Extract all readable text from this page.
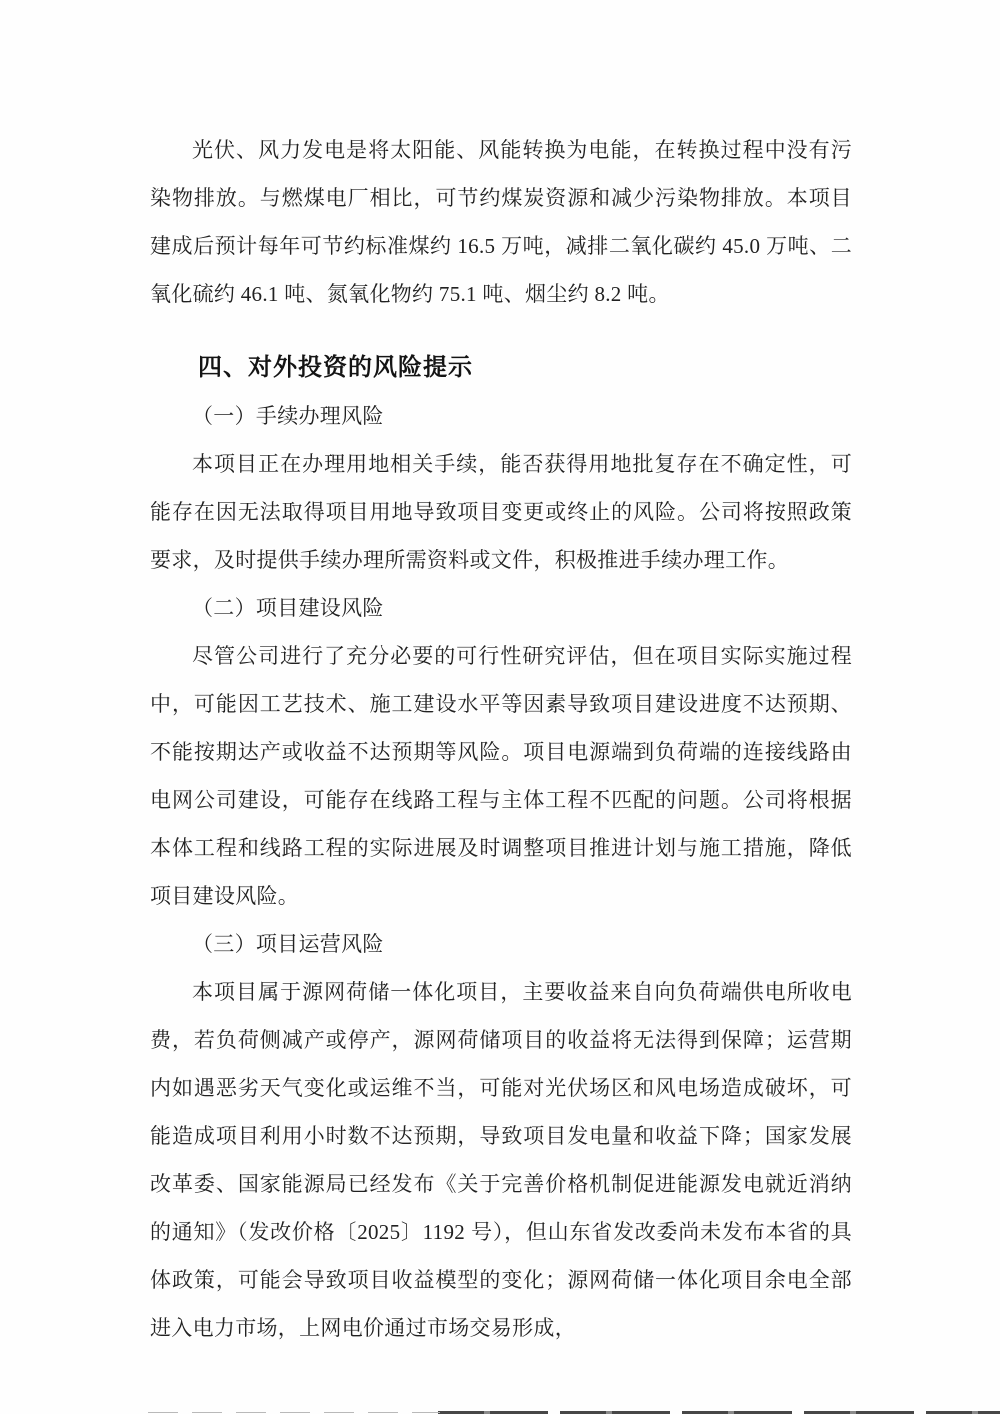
光伏、风力发电是将太阳能、风能转换为电能，在转换过程中没有污染物排放。与燃煤电厂相比，可节约煤炭资源和减少污染物排放。本项目建成后预计每年可节约标准煤约 16.5 万吨，减排二氧化碳约 45.0 万吨、二氧化硫约 46.1 吨、氮氧化物约 75.1 吨、烟尘约 8.2 吨。

四、对外投资的风险提示

（一）手续办理风险

本项目正在办理用地相关手续，能否获得用地批复存在不确定性，可能存在因无法取得项目用地导致项目变更或终止的风险。公司将按照政策要求，及时提供手续办理所需资料或文件，积极推进手续办理工作。

（二）项目建设风险

尽管公司进行了充分必要的可行性研究评估，但在项目实际实施过程中，可能因工艺技术、施工建设水平等因素导致项目建设进度不达预期、不能按期达产或收益不达预期等风险。项目电源端到负荷端的连接线路由电网公司建设，可能存在线路工程与主体工程不匹配的问题。公司将根据本体工程和线路工程的实际进展及时调整项目推进计划与施工措施，降低项目建设风险。

（三）项目运营风险

本项目属于源网荷储一体化项目，主要收益来自向负荷端供电所收电费，若负荷侧减产或停产，源网荷储项目的收益将无法得到保障；运营期内如遇恶劣天气变化或运维不当，可能对光伏场区和风电场造成破坏，可能造成项目利用小时数不达预期，导致项目发电量和收益下降；国家发展改革委、国家能源局已经发布《关于完善价格机制促进能源发电就近消纳的通知》（发改价格〔2025〕1192 号），但山东省发改委尚未发布本省的具体政策，可能会导致项目收益模型的变化；源网荷储一体化项目余电全部进入电力市场，上网电价通过市场交易形成，
